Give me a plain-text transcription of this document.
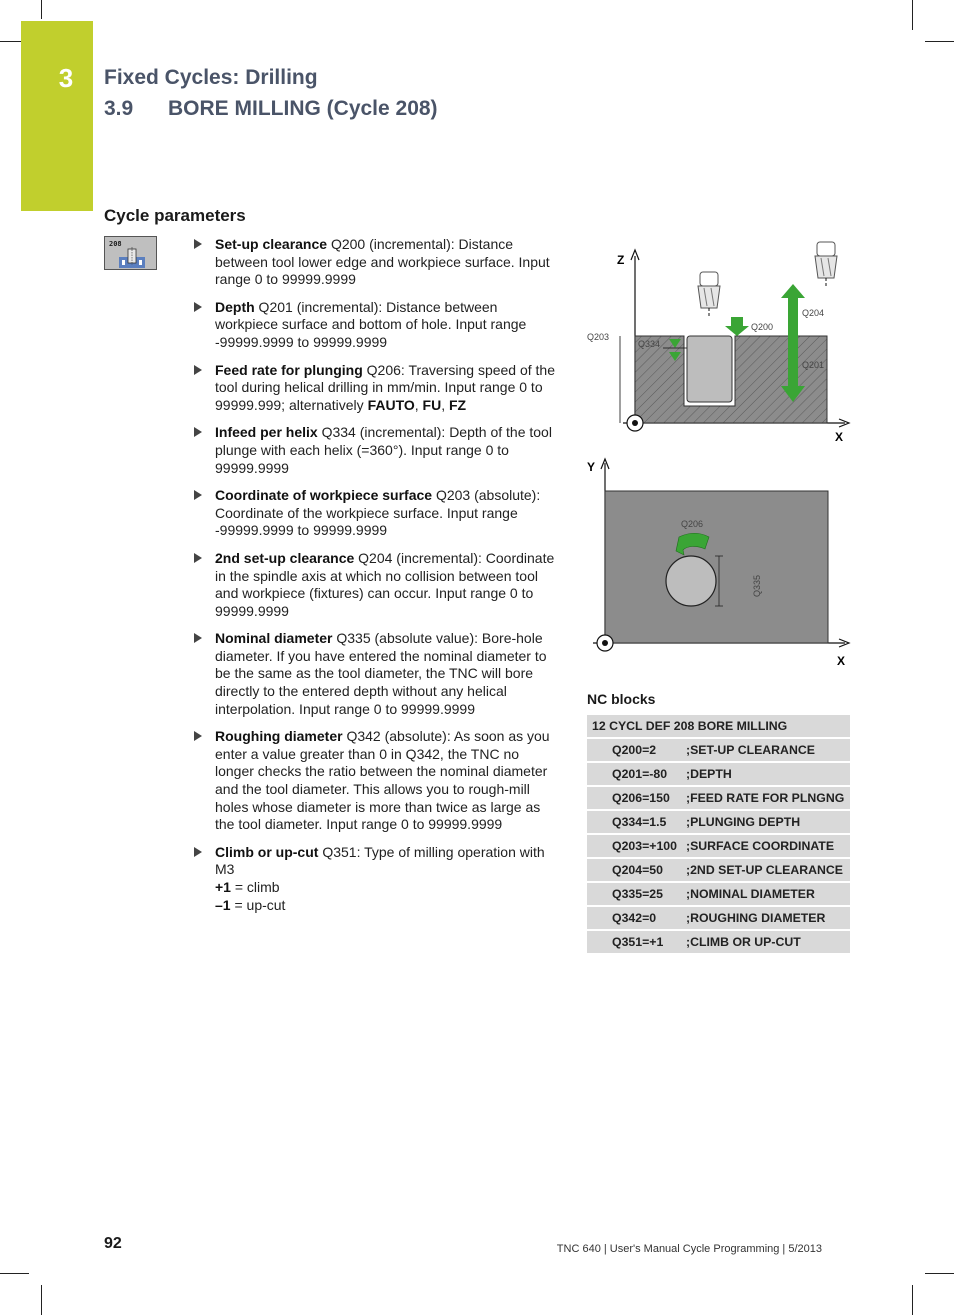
3	Fixed Cycles: Drilling
3.9 BORE MILLING (Cycle 208)
Cycle parameters
208	Set-up clearance Q200 (incremental): Distance between tool lower edge and workpiece surface. Input range 0 to 99999.9999
Depth Q201 (incremental): Distance between workpiece surface and bottom of hole. Input range -99999.9999 to 99999.9999
Feed rate for plunging Q206: Traversing speed of the tool during helical drilling in mm/min. Input range 0 to 99999.999; alternatively FAUTO, FU, FZ
Infeed per helix Q334 (incremental): Depth of the tool plunge with each helix (=360°). Input range 0 to 99999.9999
Coordinate of workpiece surface Q203 (absolute): Coordinate of the workpiece surface. Input range -99999.9999 to 99999.9999
2nd set-up clearance Q204 (incremental): Coordinate in the spindle axis at which no collision between tool and workpiece (fixtures) can occur. Input range 0 to 99999.9999
Nominal diameter Q335 (absolute value): Bore-hole diameter. If you have entered the nominal diameter to be the same as the tool diameter, the TNC will bore directly to the entered depth without any helical interpolation. Input range 0 to 99999.9999
Roughing diameter Q342 (absolute): As soon as you enter a value greater than 0 in Q342, the TNC no longer checks the ratio between the nominal diameter and the tool diameter. This allows you to rough-mill holes whose diameter is more than twice as large as the tool diameter. Input range 0 to 99999.9999
Climb or up-cut Q351: Type of milling operation with M3
+1 = climb
–1 = up-cut
Z
X
Q203
Q200
Q334
Q204
Q201
Y
X
Q335
Q206
NC blocks
12 CYCL DEF 208 BORE MILLING	
Q200=2	;SET-UP CLEARANCE
Q201=-80	;DEPTH
Q206=150	;FEED RATE FOR PLNGNG
Q334=1.5	;PLUNGING DEPTH
Q203=+100	;SURFACE COORDINATE
Q204=50	;2ND SET-UP CLEARANCE
Q335=25	;NOMINAL DIAMETER
Q342=0	;ROUGHING DIAMETER
Q351=+1	;CLIMB OR UP-CUT
92	TNC 640 | User's Manual Cycle Programming | 5/2013
